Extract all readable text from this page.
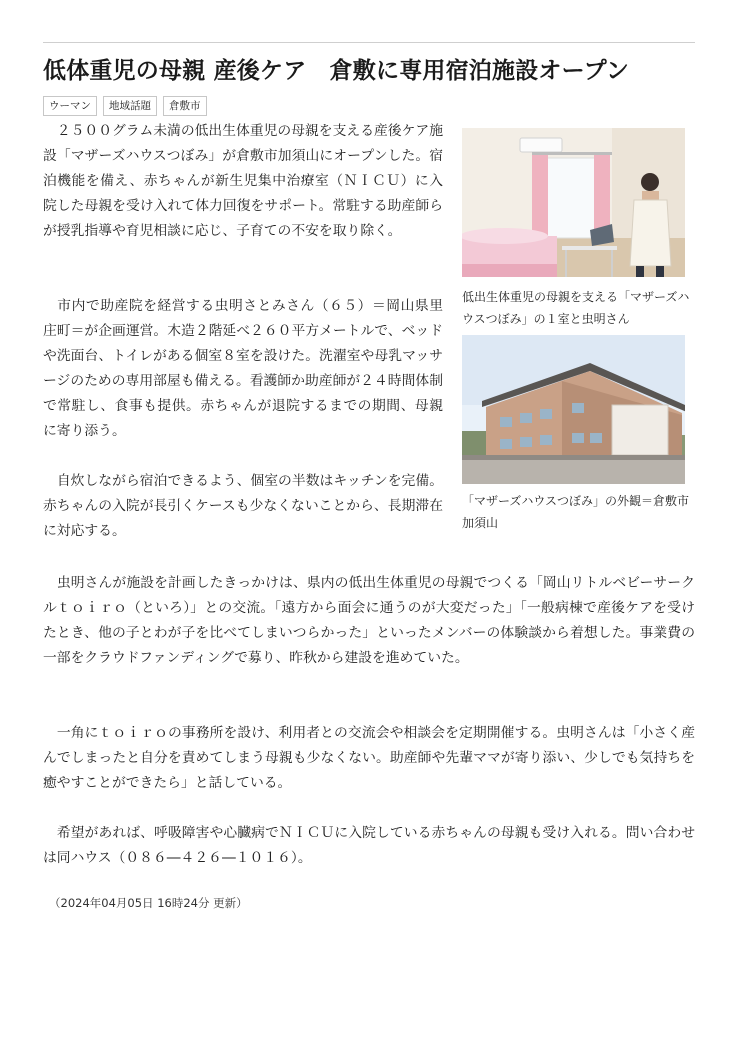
低体重児の母親 産後ケア　倉敷に専用宿泊施設オープン
ウーマン	地域話題	倉敷市

　２５００グラム未満の低出生体重児の母親を支える産後ケア施設「マザーズハウスつぼみ」が倉敷市加須山にオープンした。宿泊機能を備え、赤ちゃんが新生児集中治療室（ＮＩＣＵ）に入院した母親を受け入れて体力回復をサポート。常駐する助産師らが授乳指導や育児相談に応じ、子育ての不安を取り除く。

　市内で助産院を経営する虫明さとみさん（６５）＝岡山県里庄町＝が企画運営。木造２階延べ２６０平方メートルで、ベッドや洗面台、トイレがある個室８室を設けた。洗濯室や母乳マッサージのための専用部屋も備える。看護師か助産師が２４時間体制で常駐し、食事も提供。赤ちゃんが退院するまでの期間、母親に寄り添う。

　自炊しながら宿泊できるよう、個室の半数はキッチンを完備。赤ちゃんの入院が長引くケースも少なくないことから、長期滞在に対応する。

　虫明さんが施設を計画したきっかけは、県内の低出生体重児の母親でつくる「岡山リトルベビーサークルｔｏｉｒｏ（といろ）」との交流。「遠方から面会に通うのが大変だった」「一般病棟で産後ケアを受けたとき、他の子とわが子を比べてしまいつらかった」といったメンバーの体験談から着想した。事業費の一部をクラウドファンディングで募り、昨秋から建設を進めていた。

　一角にｔｏｉｒｏの事務所を設け、利用者との交流会や相談会を定期開催する。虫明さんは「小さく産んでしまったと自分を責めてしまう母親も少なくない。助産師や先輩ママが寄り添い、少しでも気持ちを癒やすことができたら」と話している。

　希望があれば、呼吸障害や心臓病でＮＩＣＵに入院している赤ちゃんの母親も受け入れる。問い合わせは同ハウス（０８６―４２６―１０１６）。

（2024年04月05日 16時24分 更新）

低出生体重児の母親を支える「マザーズハウスつぼみ」の１室と虫明さん

「マザーズハウスつぼみ」の外観＝倉敷市加須山
